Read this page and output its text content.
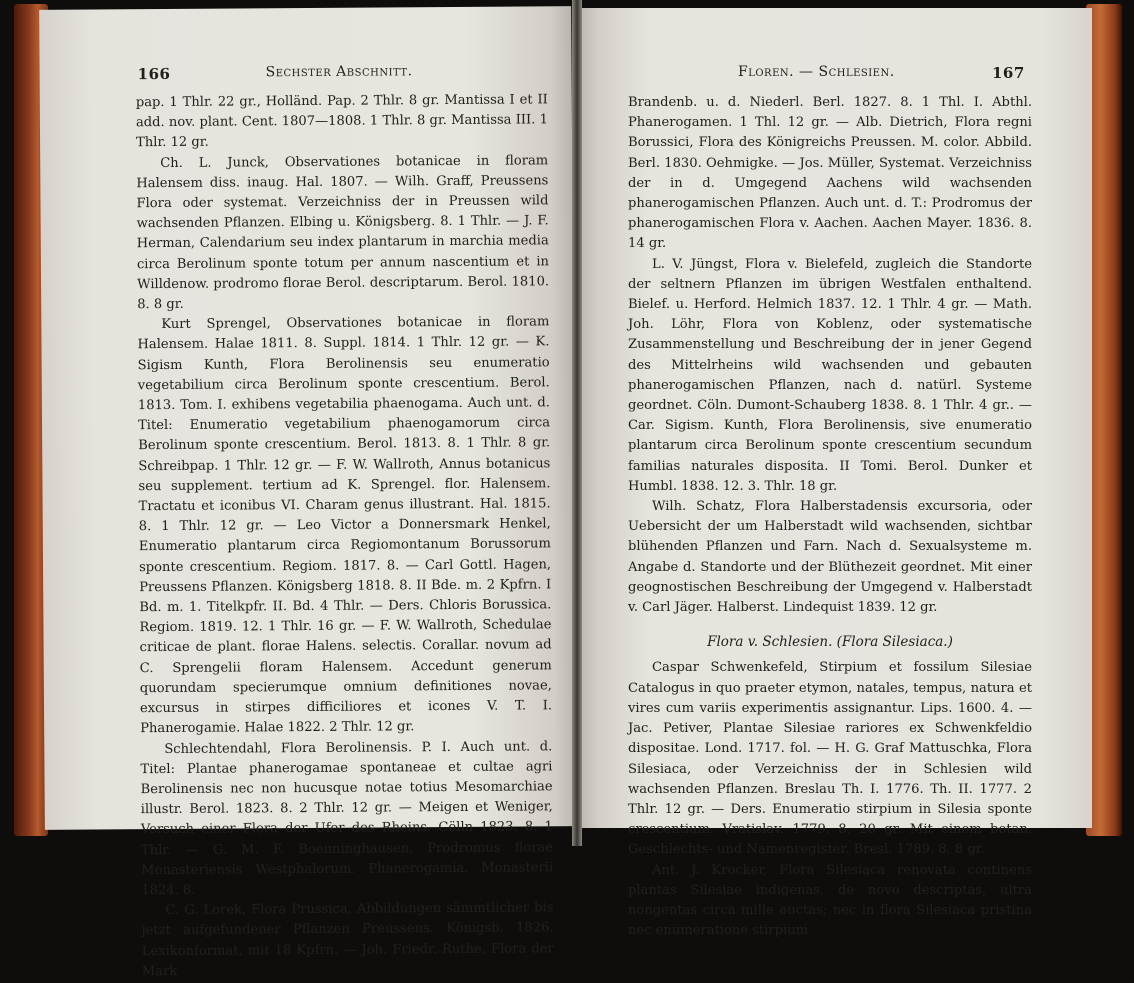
166	Sechster Abschnitt.

pap. 1 Thlr. 22 gr., Holländ. Pap. 2 Thlr. 8 gr. Mantissa I et II add. nov. plant. Cent. 1807—1808. 1 Thlr. 8 gr. Mantissa III. 1 Thlr. 12 gr.

Ch. L. Junck, Observationes botanicae in floram Halensem diss. inaug. Hal. 1807. — Wilh. Graff, Preussens Flora oder systemat. Verzeichniss der in Preussen wild wachsenden Pflanzen. Elbing u. Königsberg. 8. 1 Thlr. — J. F. Herman, Calendarium seu index plantarum in marchia media circa Berolinum sponte totum per annum nascentium et in Willdenow. prodromo florae Berol. descriptarum. Berol. 1810. 8. 8 gr.

Kurt Sprengel, Observationes botanicae in floram Halensem. Halae 1811. 8. Suppl. 1814. 1 Thlr. 12 gr. — K. Sigism Kunth, Flora Berolinensis seu enumeratio vegetabilium circa Berolinum sponte crescentium. Berol. 1813. Tom. I. exhibens vegetabilia phaenogama. Auch unt. d. Titel: Enumeratio vegetabilium phaenogamorum circa Berolinum sponte crescentium. Berol. 1813. 8. 1 Thlr. 8 gr. Schreibpap. 1 Thlr. 12 gr. — F. W. Wallroth, Annus botanicus seu supplement. tertium ad K. Sprengel. flor. Halensem. Tractatu et iconibus VI. Charam genus illustrant. Hal. 1815. 8. 1 Thlr. 12 gr. — Leo Victor a Donnersmark Henkel, Enumeratio plantarum circa Regiomontanum Borussorum sponte crescentium. Regiom. 1817. 8. — Carl Gottl. Hagen, Preussens Pflanzen. Königsberg 1818. 8. II Bde. m. 2 Kpfrn. I Bd. m. 1. Titelkpfr. II. Bd. 4 Thlr. — Ders. Chloris Borussica. Regiom. 1819. 12. 1 Thlr. 16 gr. — F. W. Wallroth, Schedulae criticae de plant. florae Halens. selectis. Corallar. novum ad C. Sprengelii floram Halensem. Accedunt generum quorundam specierumque omnium definitiones novae, excursus in stirpes difficiliores et icones V. T. I. Phanerogamie. Halae 1822. 2 Thlr. 12 gr.

Schlechtendahl, Flora Berolinensis. P. I. Auch unt. d. Titel: Plantae phanerogamae spontaneae et cultae agri Berolinensis nec non hucusque notae totius Mesomarchiae illustr. Berol. 1823. 8. 2 Thlr. 12 gr. — Meigen et Weniger, Versuch einer Flora der Ufer des Rheins. Cölln 1823. 8. 1 Thlr. — G. M. F. Boenninghausen, Prodromus florae Monasteriensis Westphalorum. Phanerogamia. Monasterii 1824. 8.

C. G. Lorek, Flora Prussica, Abbildungen sämmtlicher bis jetzt aufgefundener Pflanzen Preussens. Königsb. 1826. Lexikonformat, mit 18 Kpfrn. — Joh. Friedr. Ruthe, Flora der Mark

Floren. — Schlesien.	167

Brandenb. u. d. Niederl. Berl. 1827. 8. 1 Thl. I. Abthl. Phanerogamen. 1 Thl. 12 gr. — Alb. Dietrich, Flora regni Borussici, Flora des Königreichs Preussen. M. color. Abbild. Berl. 1830. Oehmigke. — Jos. Müller, Systemat. Verzeichniss der in d. Umgegend Aachens wild wachsenden phanerogamischen Pflanzen. Auch unt. d. T.: Prodromus der phanerogamischen Flora v. Aachen. Aachen Mayer. 1836. 8. 14 gr.

L. V. Jüngst, Flora v. Bielefeld, zugleich die Standorte der seltnern Pflanzen im übrigen Westfalen enthaltend. Bielef. u. Herford. Helmich 1837. 12. 1 Thlr. 4 gr. — Math. Joh. Löhr, Flora von Koblenz, oder systematische Zusammenstellung und Beschreibung der in jener Gegend des Mittelrheins wild wachsenden und gebauten phanerogamischen Pflanzen, nach d. natürl. Systeme geordnet. Cöln. Dumont-Schauberg 1838. 8. 1 Thlr. 4 gr.. — Car. Sigism. Kunth, Flora Berolinensis, sive enumeratio plantarum circa Berolinum sponte crescentium secundum familias naturales disposita. II Tomi. Berol. Dunker et Humbl. 1838. 12. 3. Thlr. 18 gr.

Wilh. Schatz, Flora Halberstadensis excursoria, oder Uebersicht der um Halberstadt wild wachsenden, sichtbar blühenden Pflanzen und Farn. Nach d. Sexualsysteme m. Angabe d. Standorte und der Blüthezeit geordnet. Mit einer geognostischen Beschreibung der Umgegend v. Halberstadt v. Carl Jäger. Halberst. Lindequist 1839. 12 gr.

Flora v. Schlesien. (Flora Silesiaca.)

Caspar Schwenkefeld, Stirpium et fossilum Silesiae Catalogus in quo praeter etymon, natales, tempus, natura et vires cum variis experimentis assignantur. Lips. 1600. 4. — Jac. Petiver, Plantae Silesiae rariores ex Schwenkfeldio dispositae. Lond. 1717. fol. — H. G. Graf Mattuschka, Flora Silesiaca, oder Verzeichniss der in Schlesien wild wachsenden Pflanzen. Breslau Th. I. 1776. Th. II. 1777. 2 Thlr. 12 gr. — Ders. Enumeratio stirpium in Silesia sponte crescentium. Vratislav. 1779. 8. 20 gr. Mit einem botan. Geschlechts- und Namenregister. Bresl. 1789. 8. 8 gr.

Ant. J. Krocker, Flora Silesiaca renovata continens plantas Silesiae indigenas, de novo descriptas, ultra nongentas circa mille auctas; nec in flora Silesiaca pristina nec enumeratione stirpium
